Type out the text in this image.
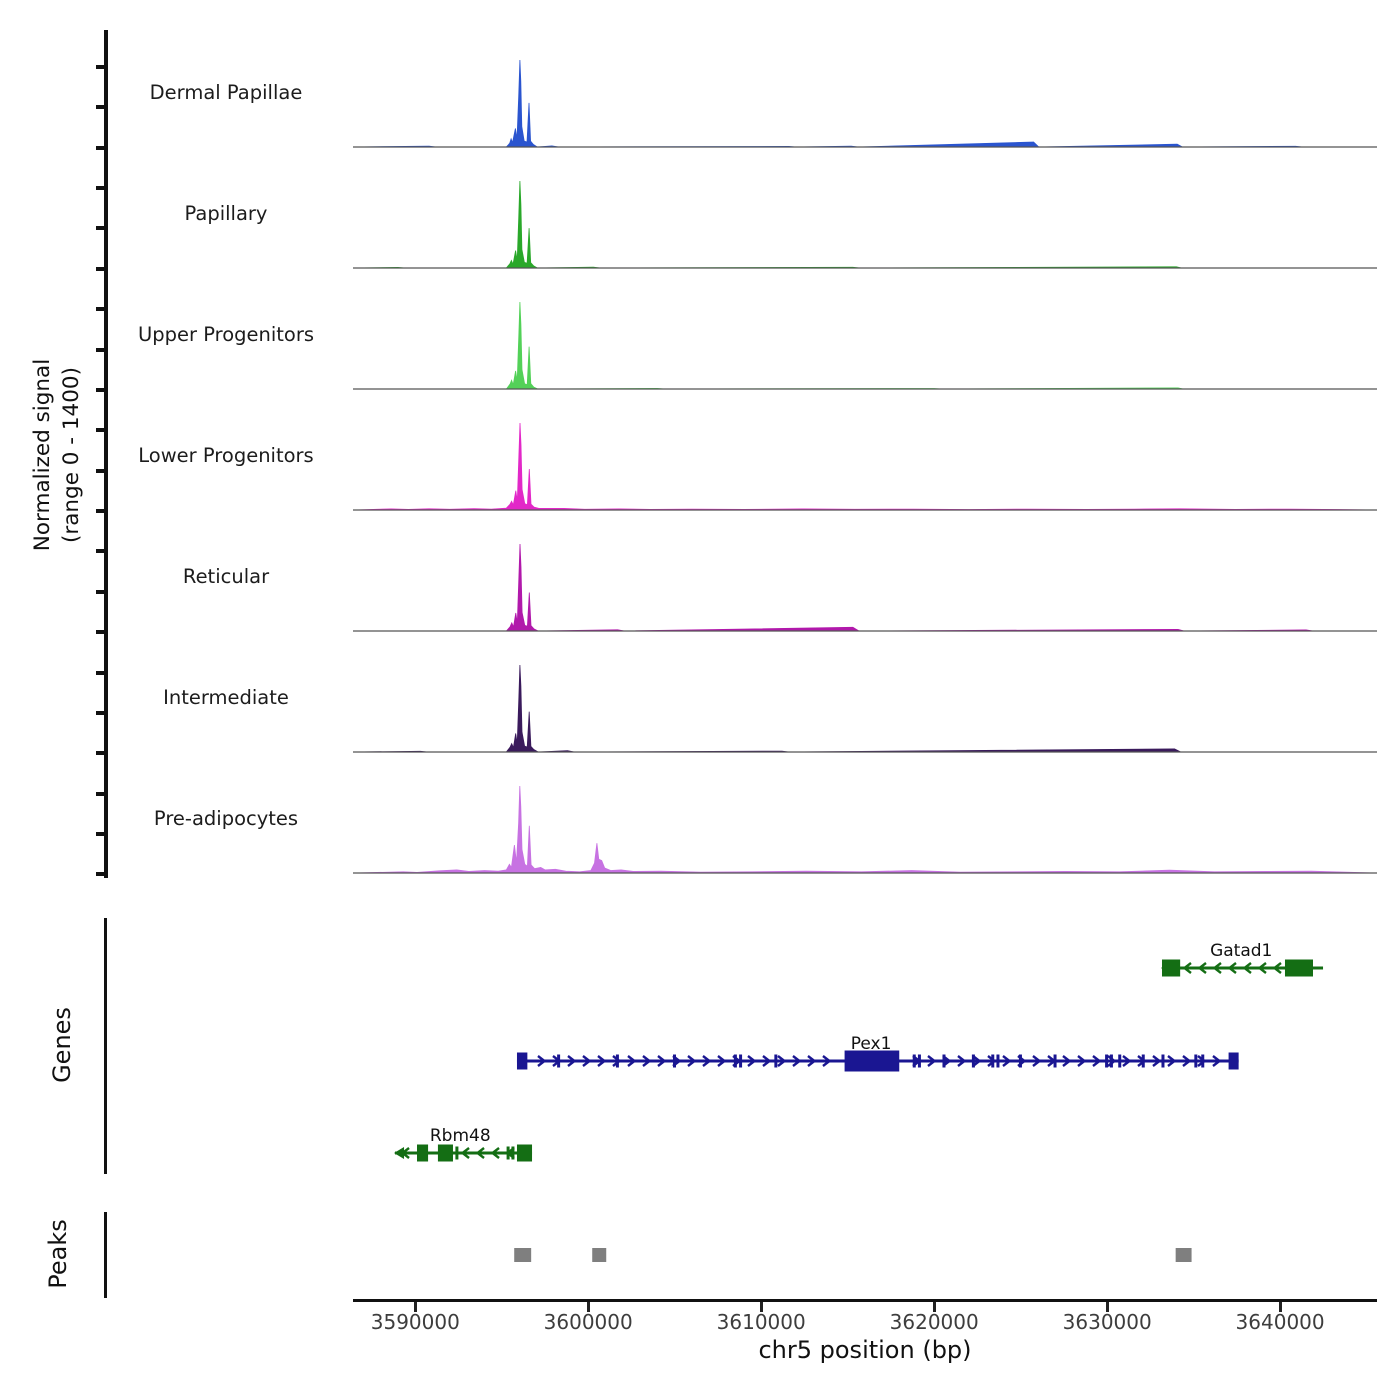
Normalized signal (range 0 - 1400)
Dermal Papillae
Papillary
Upper Progenitors
Lower Progenitors
Reticular
Intermediate
Pre-adipocytes
Genes
Gatad1
Pex1
Rbm48
Peaks
3590000	3600000	3610000	3620000	3630000	3640000
chr5 position (bp)
